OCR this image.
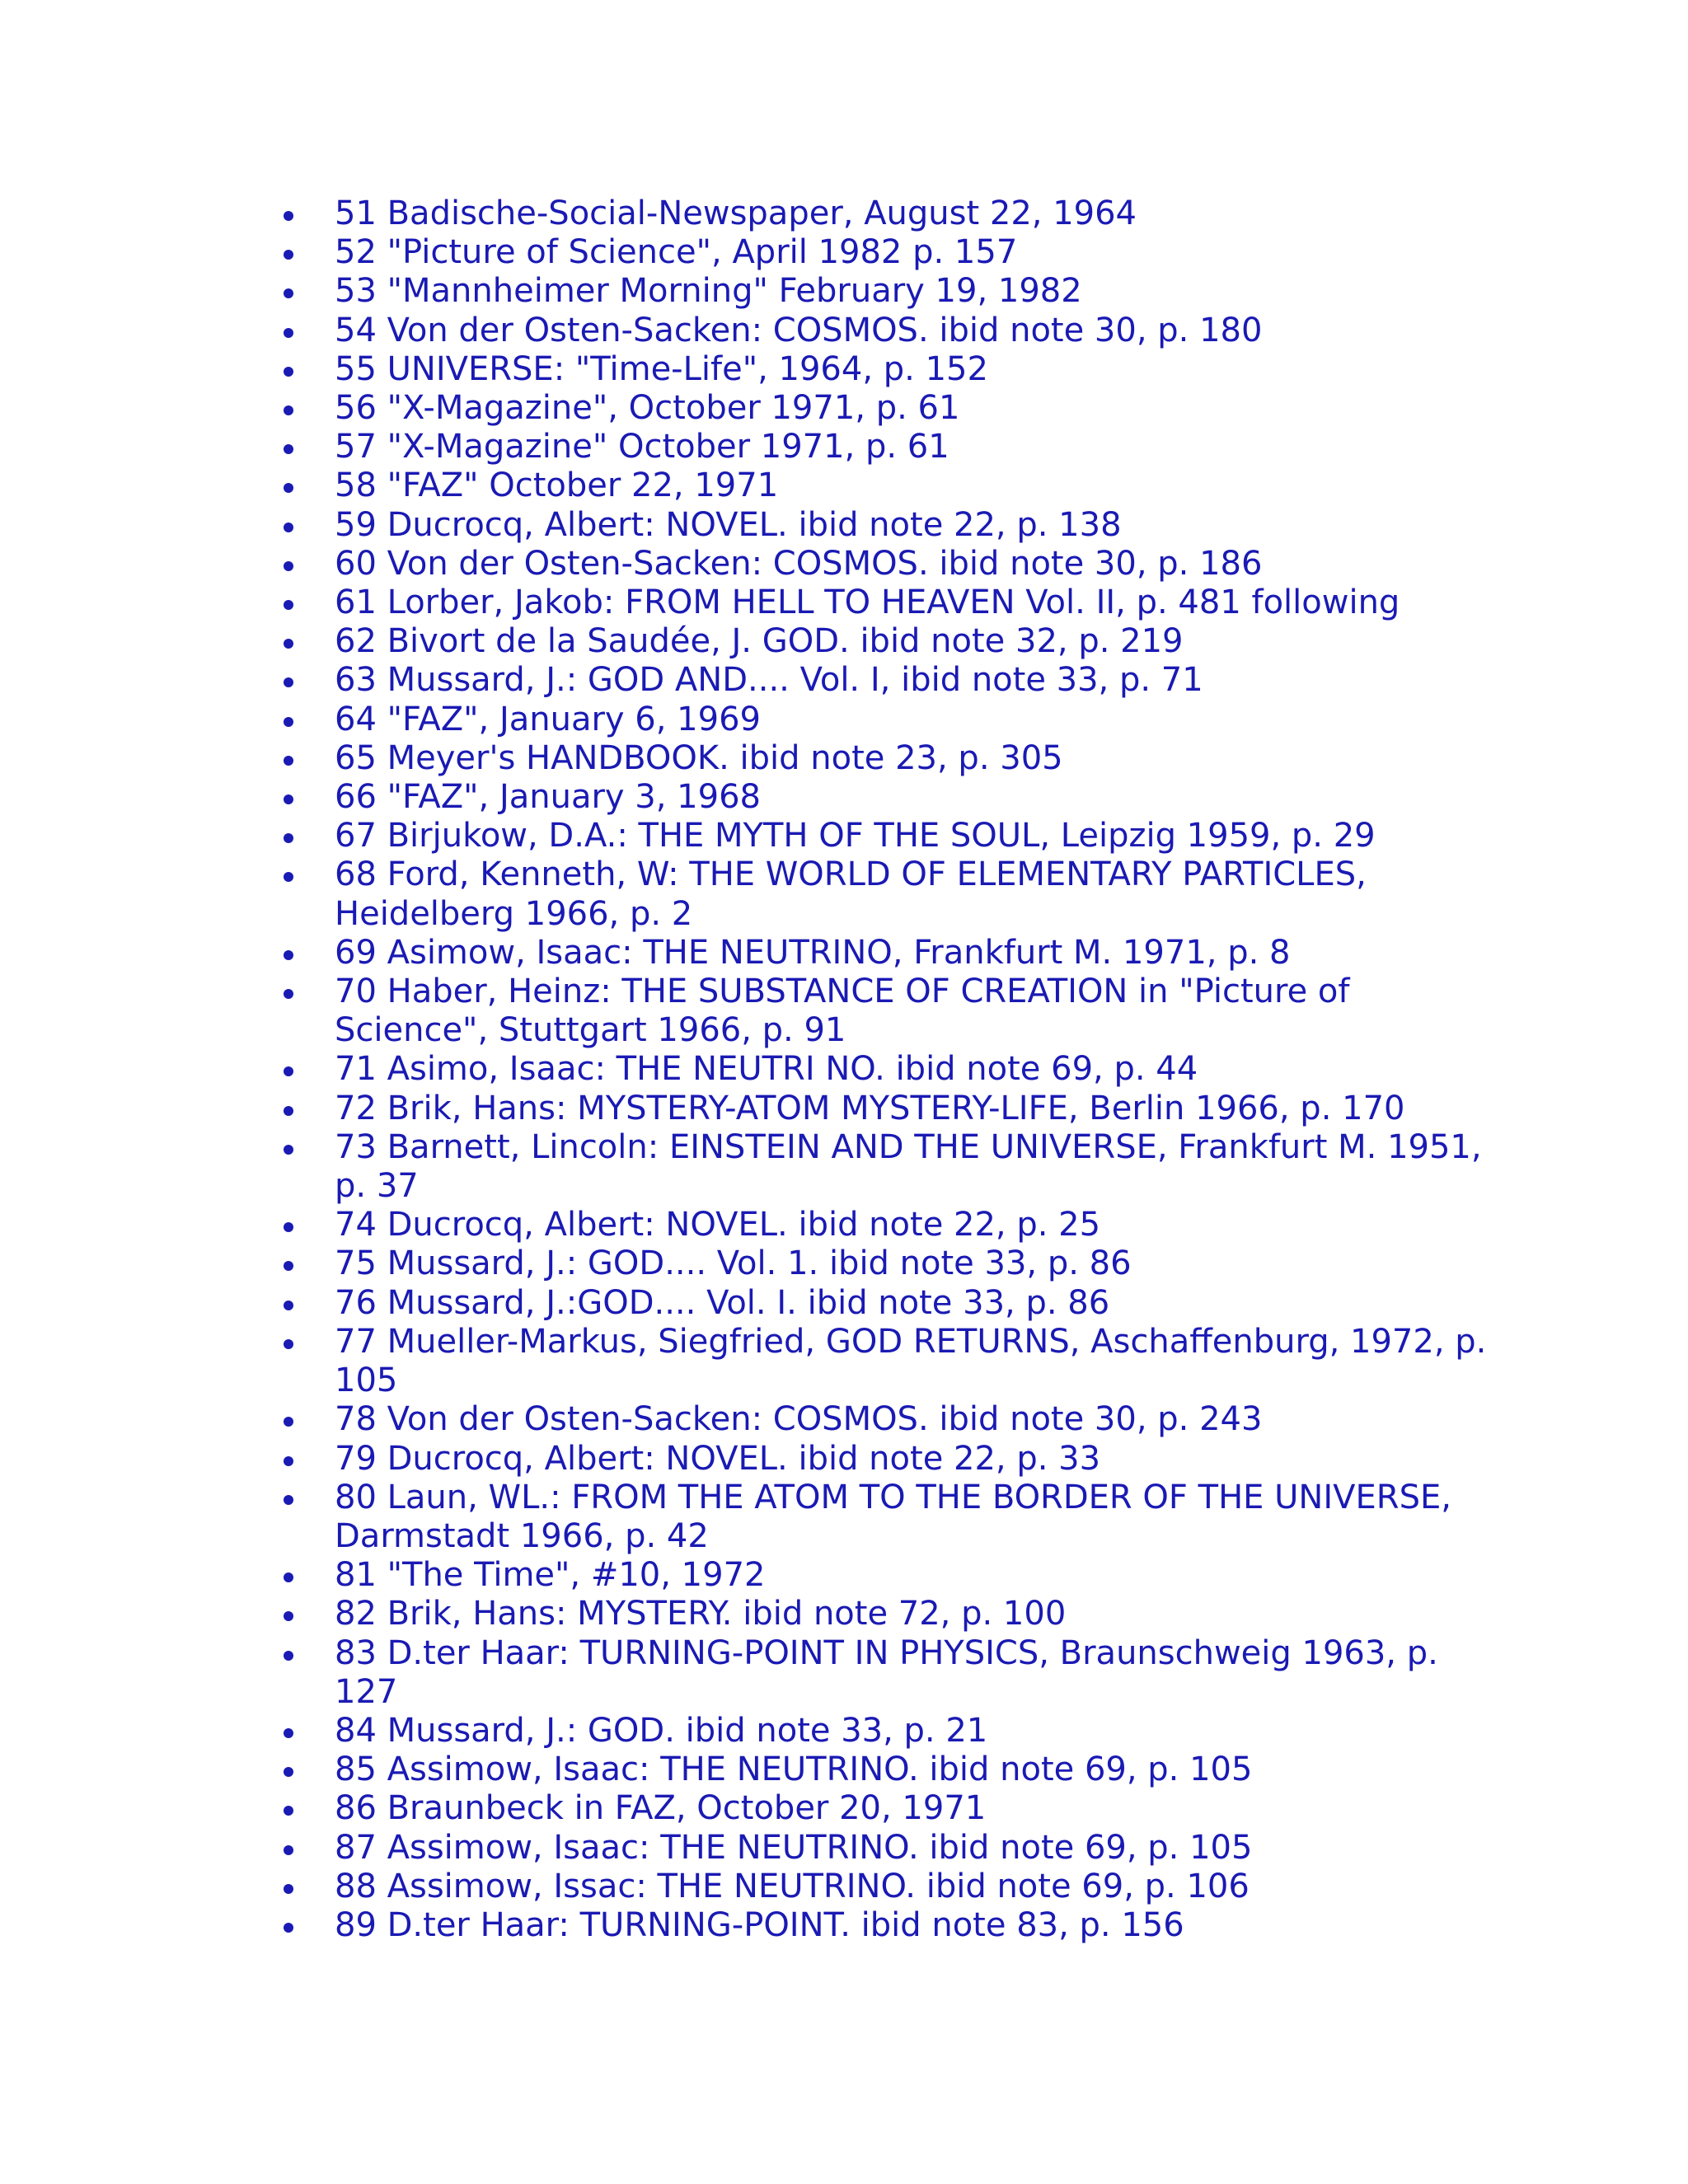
51 Badische-Social-Newspaper, August 22, 1964
52 "Picture of Science", April 1982 p. 157
53 "Mannheimer Morning" February 19, 1982
54 Von der Osten-Sacken: COSMOS. ibid note 30, p. 180
55 UNIVERSE: "Time-Life", 1964, p. 152
56 "X-Magazine", October 1971, p. 61
57 "X-Magazine" October 1971, p. 61
58 "FAZ" October 22, 1971
59 Ducrocq, Albert: NOVEL. ibid note 22, p. 138
60 Von der Osten-Sacken: COSMOS. ibid note 30, p. 186
61 Lorber, Jakob: FROM HELL TO HEAVEN Vol. II, p. 481 following
62 Bivort de la Saudée, J. GOD. ibid note 32, p. 219
63 Mussard, J.: GOD AND.... Vol. I, ibid note 33, p. 71
64 "FAZ", January 6, 1969
65 Meyer's HANDBOOK. ibid note 23, p. 305
66 "FAZ", January 3, 1968
67 Birjukow, D.A.: THE MYTH OF THE SOUL, Leipzig 1959, p. 29
68 Ford, Kenneth, W: THE WORLD OF ELEMENTARY PARTICLES, Heidelberg 1966, p. 2
69 Asimow, Isaac: THE NEUTRINO, Frankfurt M. 1971, p. 8
70 Haber, Heinz: THE SUBSTANCE OF CREATION in "Picture of Science", Stuttgart 1966, p. 91
71 Asimo, Isaac: THE NEUTRI NO. ibid note 69, p. 44
72 Brik, Hans: MYSTERY-ATOM MYSTERY-LIFE, Berlin 1966, p. 170
73 Barnett, Lincoln: EINSTEIN AND THE UNIVERSE, Frankfurt M. 1951, p. 37
74 Ducrocq, Albert: NOVEL. ibid note 22, p. 25
75 Mussard, J.: GOD.... Vol. 1. ibid note 33, p. 86
76 Mussard, J.:GOD.... Vol. I. ibid note 33, p. 86
77 Mueller-Markus, Siegfried, GOD RETURNS, Aschaffenburg, 1972, p. 105
78 Von der Osten-Sacken: COSMOS. ibid note 30, p. 243
79 Ducrocq, Albert: NOVEL. ibid note 22, p. 33
80 Laun, WL.: FROM THE ATOM TO THE BORDER OF THE UNIVERSE, Darmstadt 1966, p. 42
81 "The Time", #10, 1972
82 Brik, Hans: MYSTERY. ibid note 72, p. 100
83 D.ter Haar: TURNING-POINT IN PHYSICS, Braunschweig 1963, p. 127
84 Mussard, J.: GOD. ibid note 33, p. 21
85 Assimow, Isaac: THE NEUTRINO. ibid note 69, p. 105
86 Braunbeck in FAZ, October 20, 1971
87 Assimow, Isaac: THE NEUTRINO. ibid note 69, p. 105
88 Assimow, Issac: THE NEUTRINO. ibid note 69, p. 106
89 D.ter Haar: TURNING-POINT. ibid note 83, p. 156
